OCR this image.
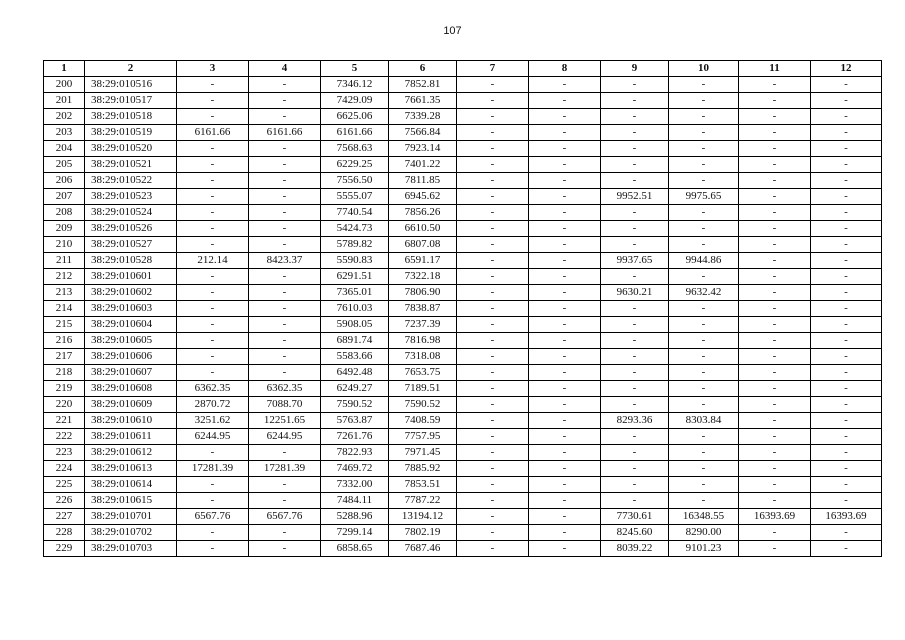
107
1	2	3	4	5	6	7	8	9	10	11	12
200	38:29:010516	-	-	7346.12	7852.81	-	-	-	-	-	-
201	38:29:010517	-	-	7429.09	7661.35	-	-	-	-	-	-
202	38:29:010518	-	-	6625.06	7339.28	-	-	-	-	-	-
203	38:29:010519	6161.66	6161.66	6161.66	7566.84	-	-	-	-	-	-
204	38:29:010520	-	-	7568.63	7923.14	-	-	-	-	-	-
205	38:29:010521	-	-	6229.25	7401.22	-	-	-	-	-	-
206	38:29:010522	-	-	7556.50	7811.85	-	-	-	-	-	-
207	38:29:010523	-	-	5555.07	6945.62	-	-	9952.51	9975.65	-	-
208	38:29:010524	-	-	7740.54	7856.26	-	-	-	-	-	-
209	38:29:010526	-	-	5424.73	6610.50	-	-	-	-	-	-
210	38:29:010527	-	-	5789.82	6807.08	-	-	-	-	-	-
211	38:29:010528	212.14	8423.37	5590.83	6591.17	-	-	9937.65	9944.86	-	-
212	38:29:010601	-	-	6291.51	7322.18	-	-	-	-	-	-
213	38:29:010602	-	-	7365.01	7806.90	-	-	9630.21	9632.42	-	-
214	38:29:010603	-	-	7610.03	7838.87	-	-	-	-	-	-
215	38:29:010604	-	-	5908.05	7237.39	-	-	-	-	-	-
216	38:29:010605	-	-	6891.74	7816.98	-	-	-	-	-	-
217	38:29:010606	-	-	5583.66	7318.08	-	-	-	-	-	-
218	38:29:010607	-	-	6492.48	7653.75	-	-	-	-	-	-
219	38:29:010608	6362.35	6362.35	6249.27	7189.51	-	-	-	-	-	-
220	38:29:010609	2870.72	7088.70	7590.52	7590.52	-	-	-	-	-	-
221	38:29:010610	3251.62	12251.65	5763.87	7408.59	-	-	8293.36	8303.84	-	-
222	38:29:010611	6244.95	6244.95	7261.76	7757.95	-	-	-	-	-	-
223	38:29:010612	-	-	7822.93	7971.45	-	-	-	-	-	-
224	38:29:010613	17281.39	17281.39	7469.72	7885.92	-	-	-	-	-	-
225	38:29:010614	-	-	7332.00	7853.51	-	-	-	-	-	-
226	38:29:010615	-	-	7484.11	7787.22	-	-	-	-	-	-
227	38:29:010701	6567.76	6567.76	5288.96	13194.12	-	-	7730.61	16348.55	16393.69	16393.69
228	38:29:010702	-	-	7299.14	7802.19	-	-	8245.60	8290.00	-	-
229	38:29:010703	-	-	6858.65	7687.46	-	-	8039.22	9101.23	-	-
